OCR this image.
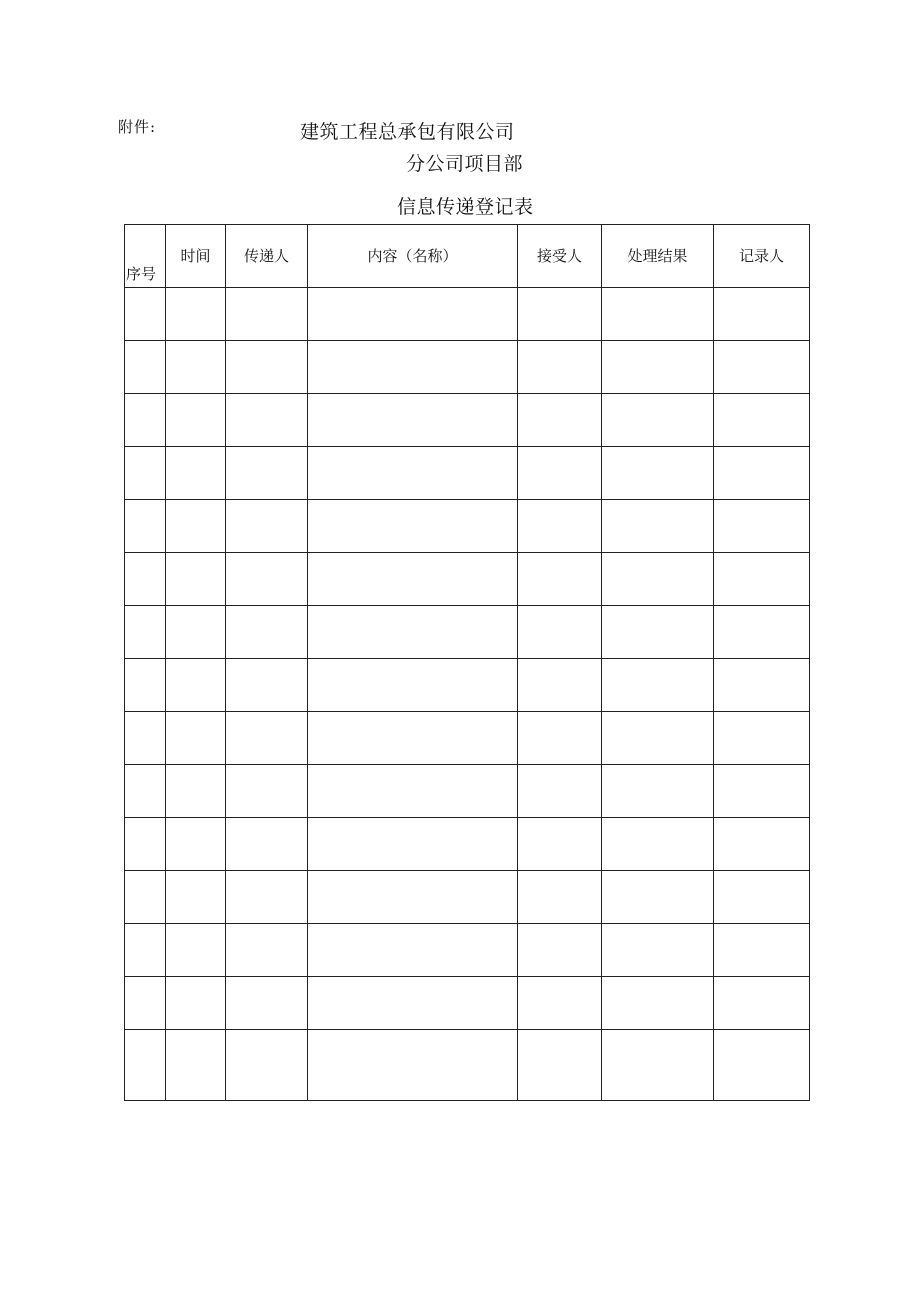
附件:	建筑工程总承包有限公司
分公司项目部
信息传递登记表
序号	时间	传递人	内容（名称）	接受人	处理结果	记录人
